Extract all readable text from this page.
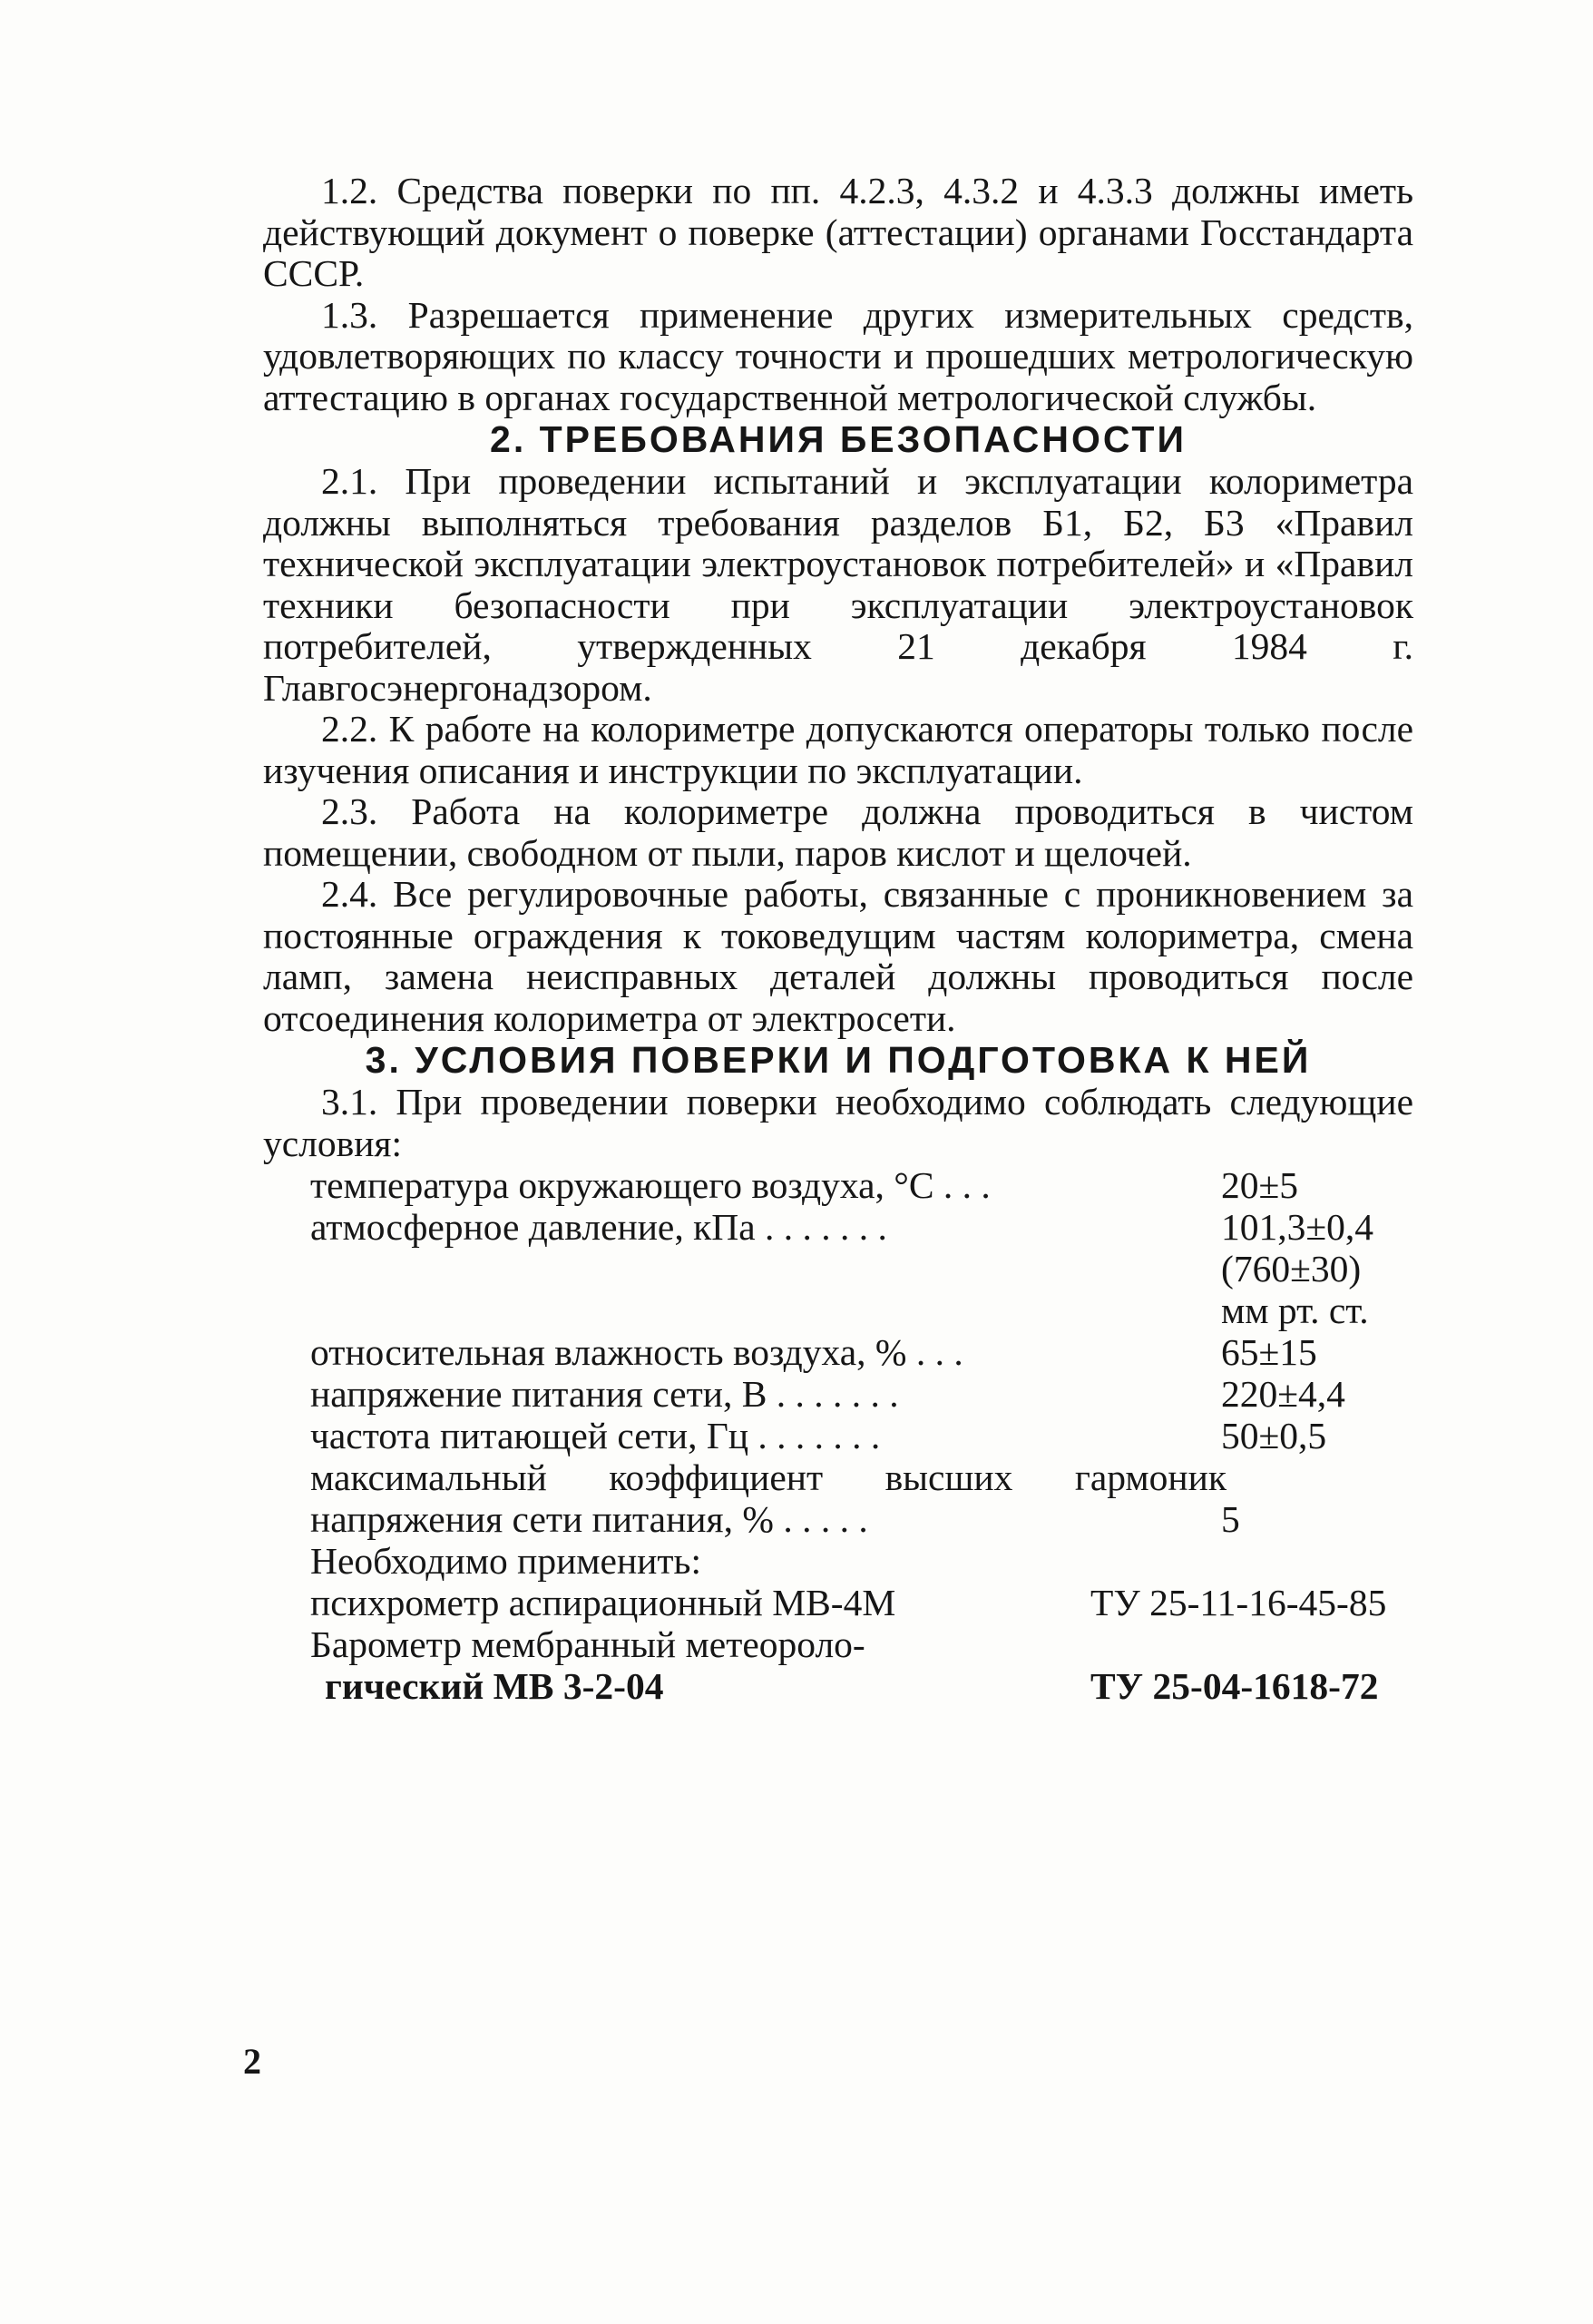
1.2. Средства поверки по пп. 4.2.3, 4.3.2 и 4.3.3 должны иметь действующий документ о поверке (аттестации) органами Госстандарта СССР.

1.3. Разрешается применение других измерительных средств, удовлетворяющих по классу точности и прошедших метрологическую аттестацию в органах государственной метрологической службы.

2. ТРЕБОВАНИЯ БЕЗОПАСНОСТИ

2.1. При проведении испытаний и эксплуатации колориметра должны выполняться требования разделов Б1, Б2, Б3 «Правил технической эксплуатации электроустановок потребителей» и «Правил техники безопасности при эксплуатации электроустановок потребителей, утвержденных 21 декабря 1984 г. Главгосэнергонадзором.

2.2. К работе на колориметре допускаются операторы только после изучения описания и инструкции по эксплуатации.

2.3. Работа на колориметре должна проводиться в чистом помещении, свободном от пыли, паров кислот и щелочей.

2.4. Все регулировочные работы, связанные с проникновением за постоянные ограждения к токоведущим частям колориметра, смена ламп, замена неисправных деталей должны проводиться после отсоединения колориметра от электросети.

3. УСЛОВИЯ ПОВЕРКИ И ПОДГОТОВКА К НЕЙ

3.1. При проведении поверки необходимо соблюдать следующие условия:

температура окружающего воздуха, °С . . .	20±5
атмосферное давление, кПа . . . . . . .	101,3±0,4
(760±30)
мм рт. ст.
относительная влажность воздуха, % . . .	65±15
напряжение питания сети, В . . . . . . .	220±4,4
частота питающей сети, Гц . . . . . . .	50±0,5
максимальный коэффициент высших гармоник напряжения сети питания, % . . . . .	5

Необходимо применить:

психрометр аспирационный МВ-4М	ТУ 25-11-16-45-85
Барометр мембранный метеороло-
гический МВ 3-2-04	ТУ 25-04-1618-72
2
